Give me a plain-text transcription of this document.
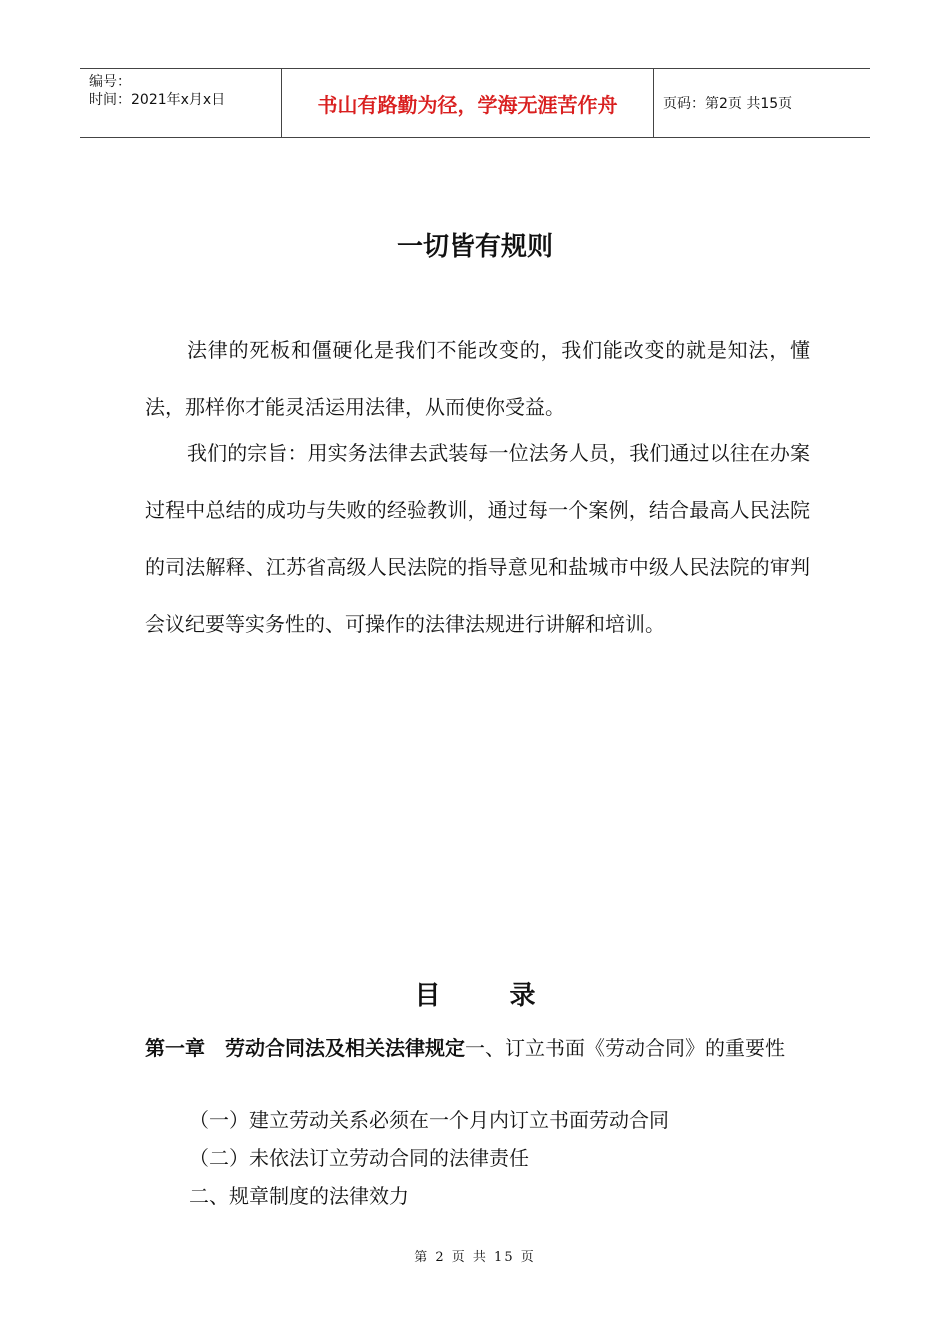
编号：
时间：2021年x月x日	书山有路勤为径，学海无涯苦作舟	页码：第2页 共15页
一切皆有规则

法律的死板和僵硬化是我们不能改变的，我们能改变的就是知法，懂法，那样你才能灵活运用法律，从而使你受益。

我们的宗旨：用实务法律去武装每一位法务人员，我们通过以往在办案过程中总结的成功与失败的经验教训，通过每一个案例，结合最高人民法院的司法解释、江苏省高级人民法院的指导意见和盐城市中级人民法院的审判会议纪要等实务性的、可操作的法律法规进行讲解和培训。

目 录
第一章　劳动合同法及相关法律规定一、订立书面《劳动合同》的重要性
（一）建立劳动关系必须在一个月内订立书面劳动合同
（二）未依法订立劳动合同的法律责任
二、规章制度的法律效力
第 2 页 共 15 页
